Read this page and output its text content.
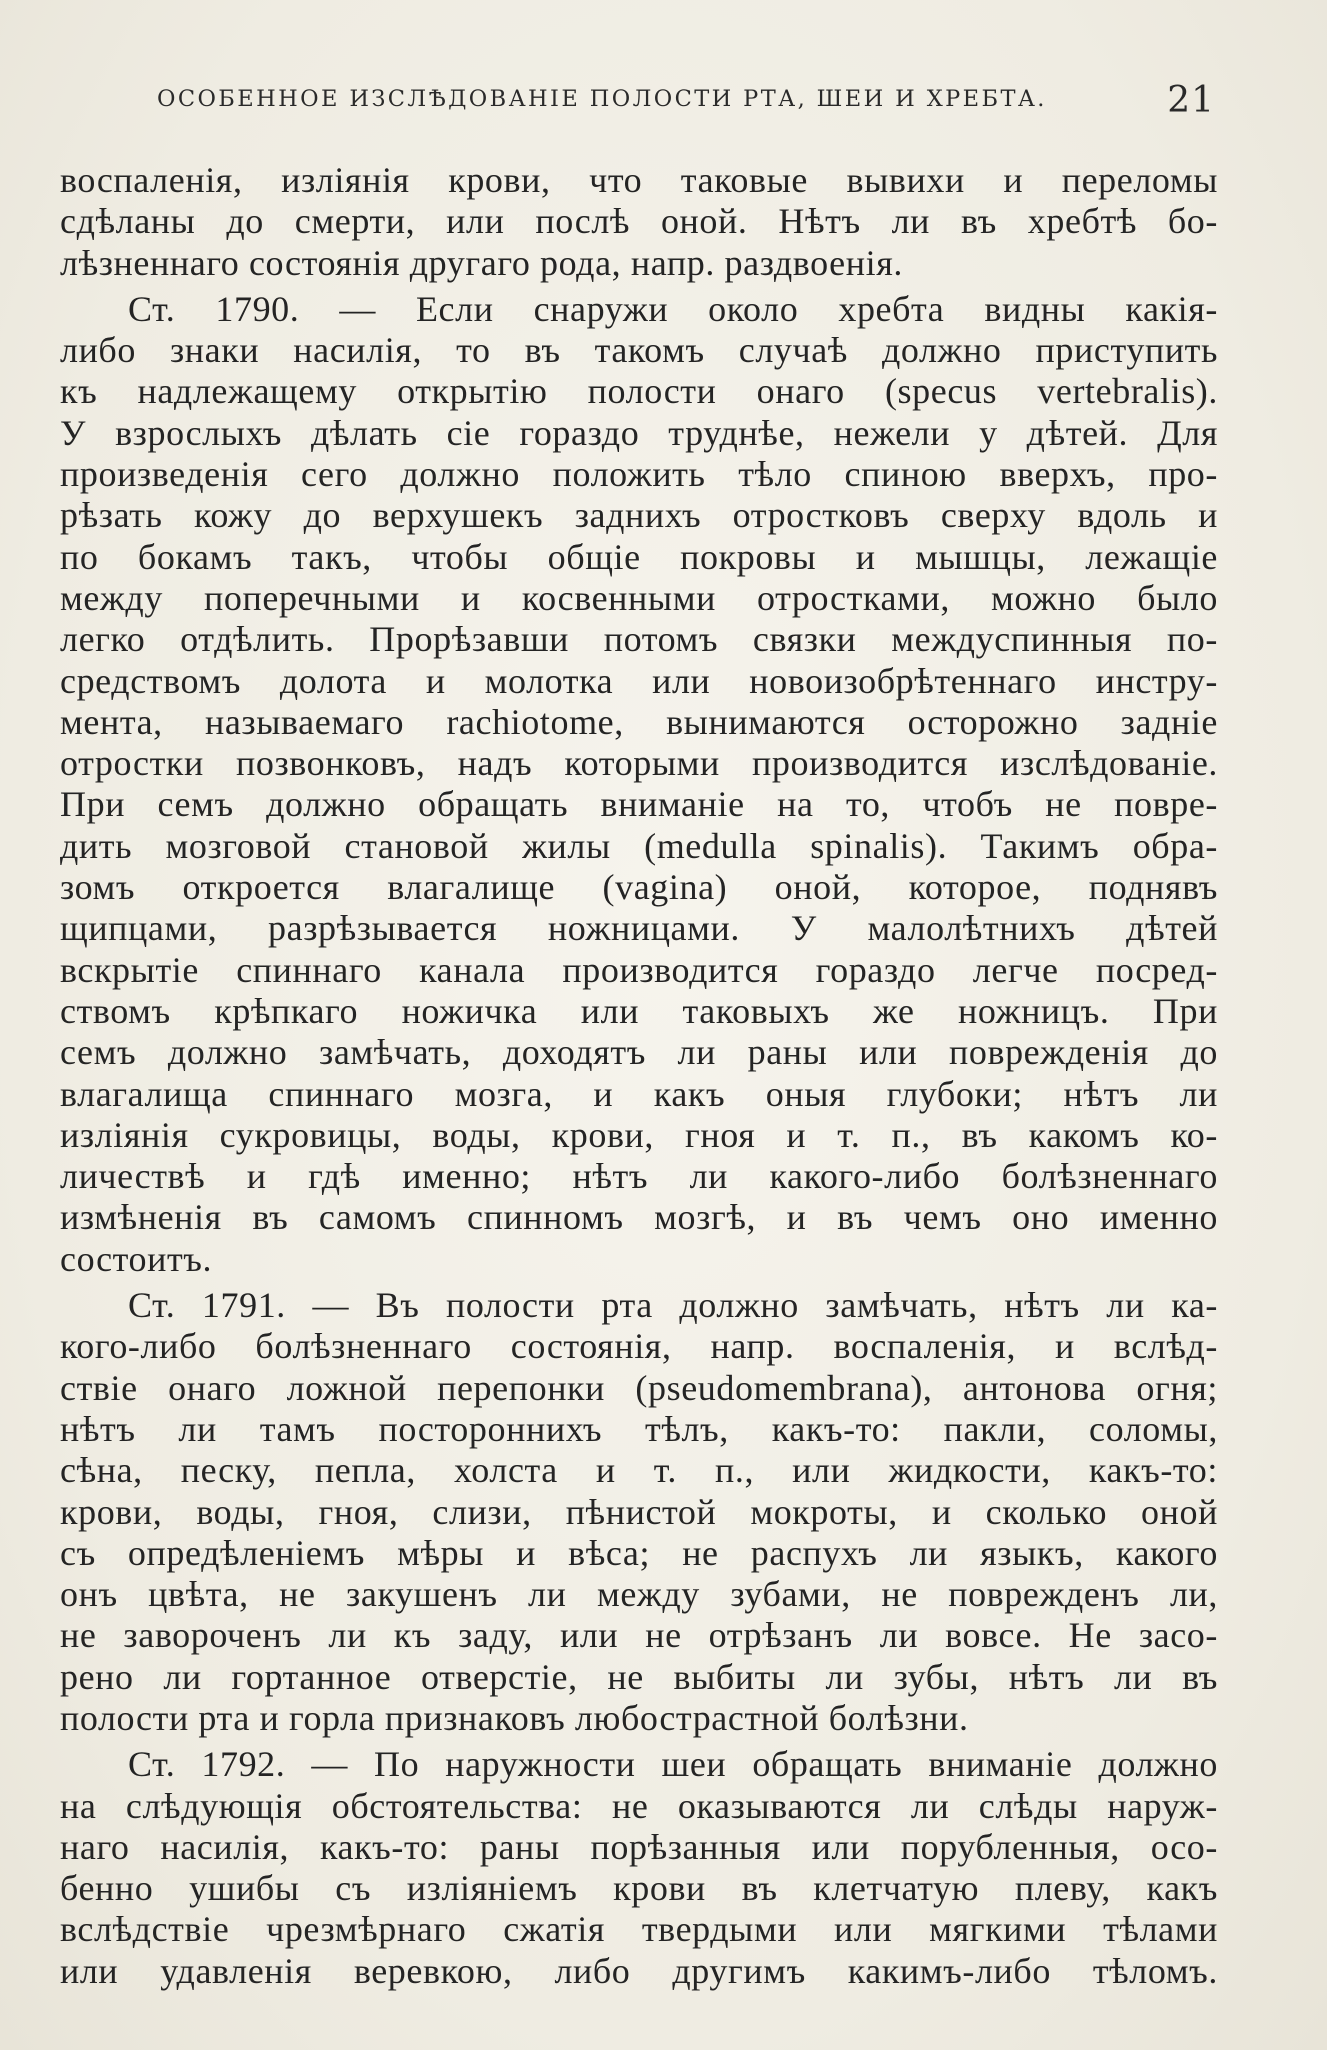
ОСОБЕННОЕ ИЗСЛѢДОВАНІЕ ПОЛОСТИ РТА, ШЕИ И ХРЕБТА.	21
воспаленія, изліянія крови, что таковые вывихи и переломы
сдѣланы до смерти, или послѣ оной. Нѣтъ ли въ хребтѣ бо-
лѣзненнаго состоянія другаго рода, напр. раздвоенія.
Ст. 1790. — Если снаружи около хребта видны какія-
либо знаки насилія, то въ такомъ случаѣ должно приступить
къ надлежащему открытію полости онаго (specus vertebralis).
У взрослыхъ дѣлать сіе гораздо труднѣе, нежели у дѣтей. Для
произведенія сего должно положить тѣло спиною вверхъ, про-
рѣзать кожу до верхушекъ заднихъ отростковъ сверху вдоль и
по бокамъ такъ, чтобы общіе покровы и мышцы, лежащіе
между поперечными и косвенными отростками, можно было
легко отдѣлить. Прорѣзавши потомъ связки междуспинныя по-
средствомъ долота и молотка или новоизобрѣтеннаго инстру-
мента, называемаго rachiotome, вынимаются осторожно задніе
отростки позвонковъ, надъ которыми производится изслѣдованіе.
При семъ должно обращать вниманіе на то, чтобъ не повре-
дить мозговой становой жилы (medulla spinalis). Такимъ обра-
зомъ откроется влагалище (vagina) оной, которое, поднявъ
щипцами, разрѣзывается ножницами. У малолѣтнихъ дѣтей
вскрытіе спиннаго канала производится гораздо легче посред-
ствомъ крѣпкаго ножичка или таковыхъ же ножницъ. При
семъ должно замѣчать, доходятъ ли раны или поврежденія до
влагалища спиннаго мозга, и какъ оныя глубоки; нѣтъ ли
изліянія сукровицы, воды, крови, гноя и т. п., въ какомъ ко-
личествѣ и гдѣ именно; нѣтъ ли какого-либо болѣзненнаго
измѣненія въ самомъ спинномъ мозгѣ, и въ чемъ оно именно
состоитъ.
Ст. 1791. — Въ полости рта должно замѣчать, нѣтъ ли ка-
кого-либо болѣзненнаго состоянія, напр. воспаленія, и вслѣд-
ствіе онаго ложной перепонки (pseudomembrana), антонова огня;
нѣтъ ли тамъ постороннихъ тѣлъ, какъ-то: пакли, соломы,
сѣна, песку, пепла, холста и т. п., или жидкости, какъ-то:
крови, воды, гноя, слизи, пѣнистой мокроты, и сколько оной
съ опредѣленіемъ мѣры и вѣса; не распухъ ли языкъ, какого
онъ цвѣта, не закушенъ ли между зубами, не поврежденъ ли,
не завороченъ ли къ заду, или не отрѣзанъ ли вовсе. Не засо-
рено ли гортанное отверстіе, не выбиты ли зубы, нѣтъ ли въ
полости рта и горла признаковъ любострастной болѣзни.
Ст. 1792. — По наружности шеи обращать вниманіе должно
на слѣдующія обстоятельства: не оказываются ли слѣды наруж-
наго насилія, какъ-то: раны порѣзанныя или порубленныя, осо-
бенно ушибы съ изліяніемъ крови въ клетчатую плеву, какъ
вслѣдствіе чрезмѣрнаго сжатія твердыми или мягкими тѣлами
или удавленія веревкою, либо другимъ какимъ-либо тѣломъ.
